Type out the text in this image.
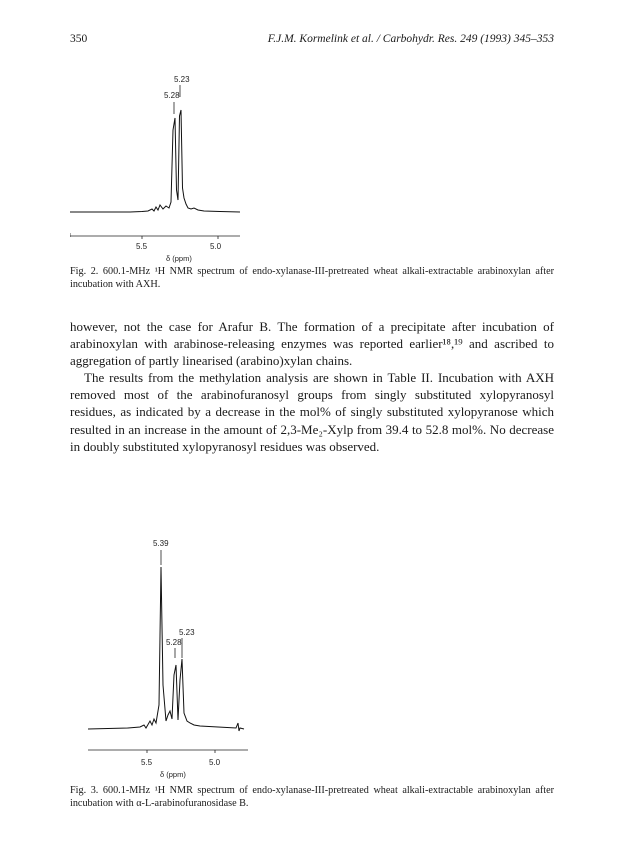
350	F.J.M. Kormelink et al. / Carbohydr. Res. 249 (1993) 345–353
5.23
5.28
5.5	5.0
δ (ppm)
Fig. 2. 600.1-MHz ¹H NMR spectrum of endo-xylanase-III-pretreated wheat alkali-extractable arabinoxylan after incubation with AXH.

however, not the case for Arafur B. The formation of a precipitate after incubation of arabinoxylan with arabinose-releasing enzymes was reported earlier¹⁸,¹⁹ and ascribed to aggregation of partly linearised (arabino)xylan chains.

The results from the methylation analysis are shown in Table II. Incubation with AXH removed most of the arabinofuranosyl groups from singly substituted xylopyranosyl residues, as indicated by a decrease in the mol% of singly substituted xylopyranose which resulted in an increase in the amount of 2,3-Me₂-Xylp from 39.4 to 52.8 mol%. No decrease in doubly substituted xylopyranosyl residues was observed.

5.39
5.28
5.23
5.5	5.0
δ (ppm)
Fig. 3. 600.1-MHz ¹H NMR spectrum of endo-xylanase-III-pretreated wheat alkali-extractable arabinoxylan after incubation with α-L-arabinofuranosidase B.
